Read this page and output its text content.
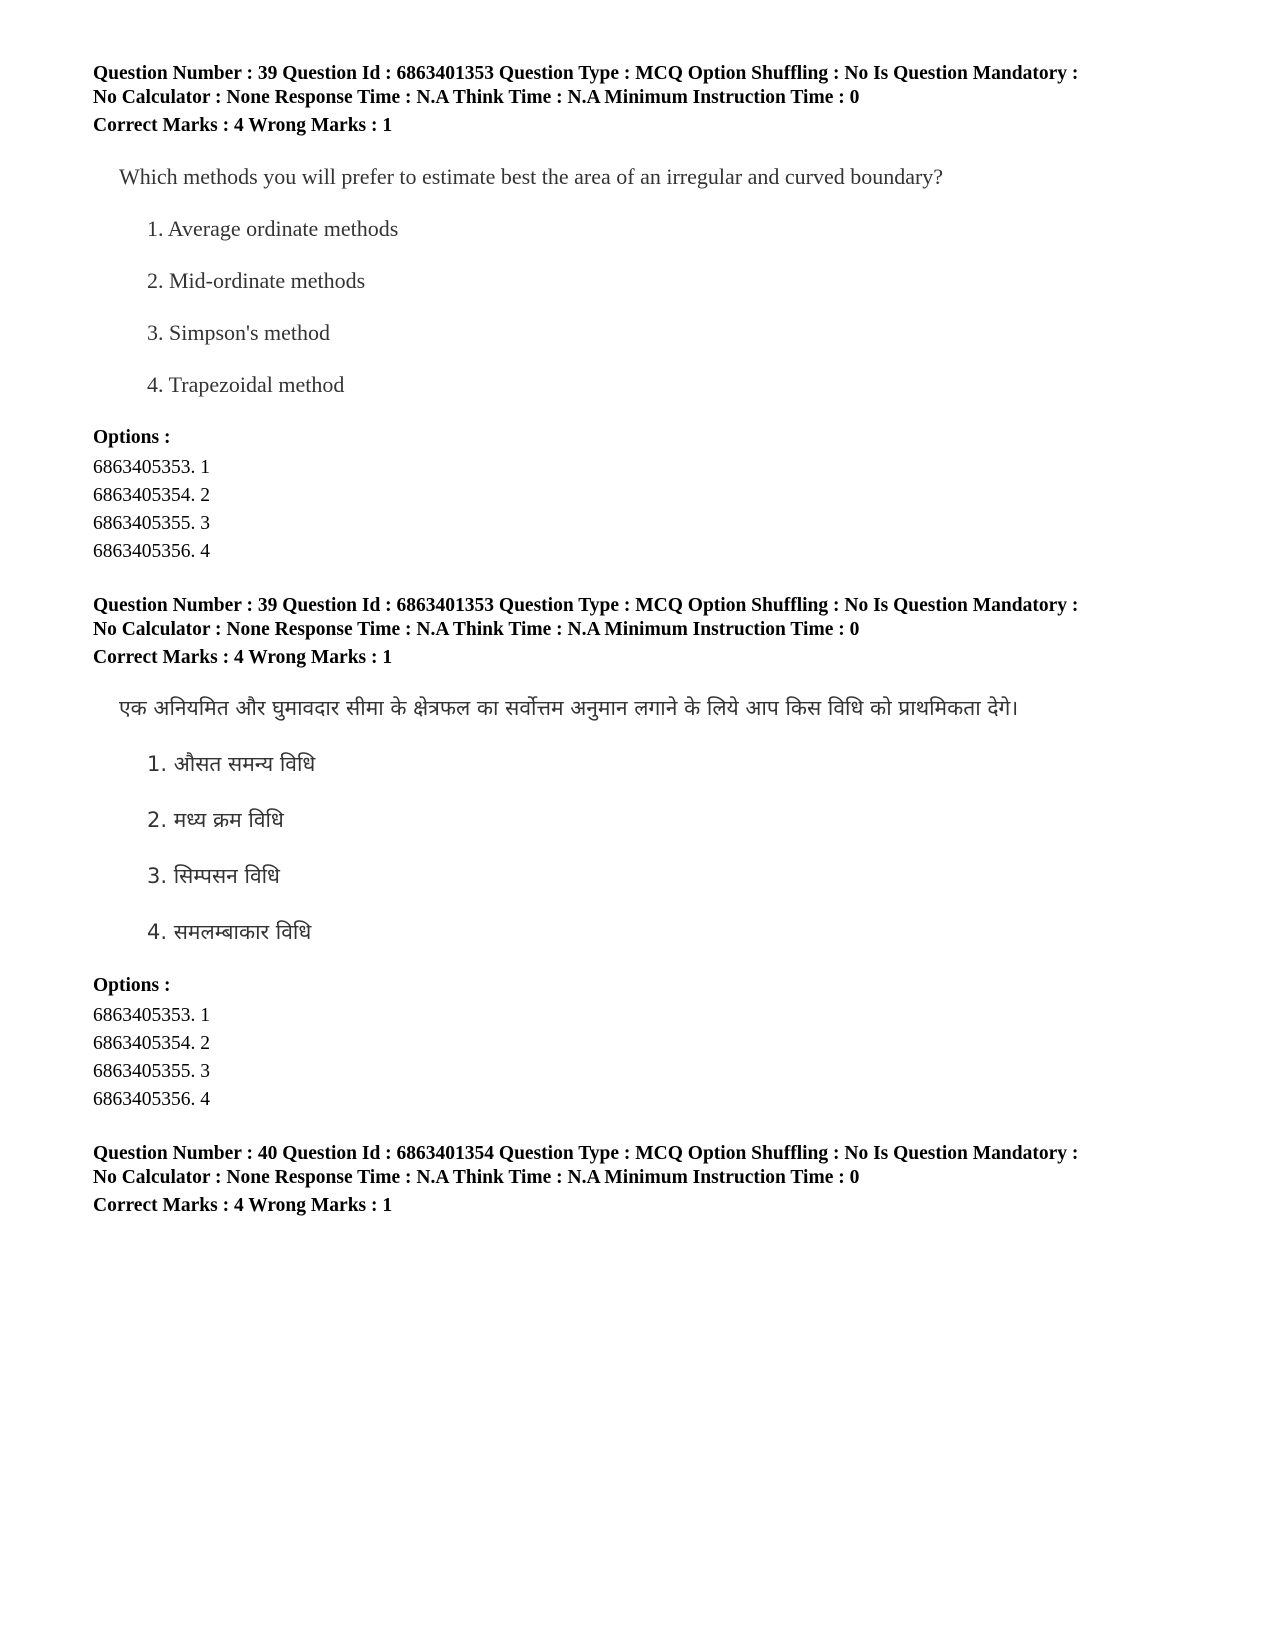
Question Number : 39 Question Id : 6863401353 Question Type : MCQ Option Shuffling : No Is Question Mandatory :
No Calculator : None Response Time : N.A Think Time : N.A Minimum Instruction Time : 0
Correct Marks : 4 Wrong Marks : 1
Which methods you will prefer to estimate best the area of an irregular and curved boundary?
1. Average ordinate methods
2. Mid-ordinate methods
3. Simpson's method
4. Trapezoidal method
Options :
6863405353. 1
6863405354. 2
6863405355. 3
6863405356. 4
Question Number : 39 Question Id : 6863401353 Question Type : MCQ Option Shuffling : No Is Question Mandatory :
No Calculator : None Response Time : N.A Think Time : N.A Minimum Instruction Time : 0
Correct Marks : 4 Wrong Marks : 1
एक अनियमित और घुमावदार सीमा के क्षेत्रफल का सर्वोत्तम अनुमान लगाने के लिये आप किस विधि को प्राथमिकता देगे।
1. औसत समन्य विधि
2. मध्य क्रम विधि
3. सिम्पसन विधि
4. समलम्बाकार विधि
Options :
6863405353. 1
6863405354. 2
6863405355. 3
6863405356. 4
Question Number : 40 Question Id : 6863401354 Question Type : MCQ Option Shuffling : No Is Question Mandatory :
No Calculator : None Response Time : N.A Think Time : N.A Minimum Instruction Time : 0
Correct Marks : 4 Wrong Marks : 1
